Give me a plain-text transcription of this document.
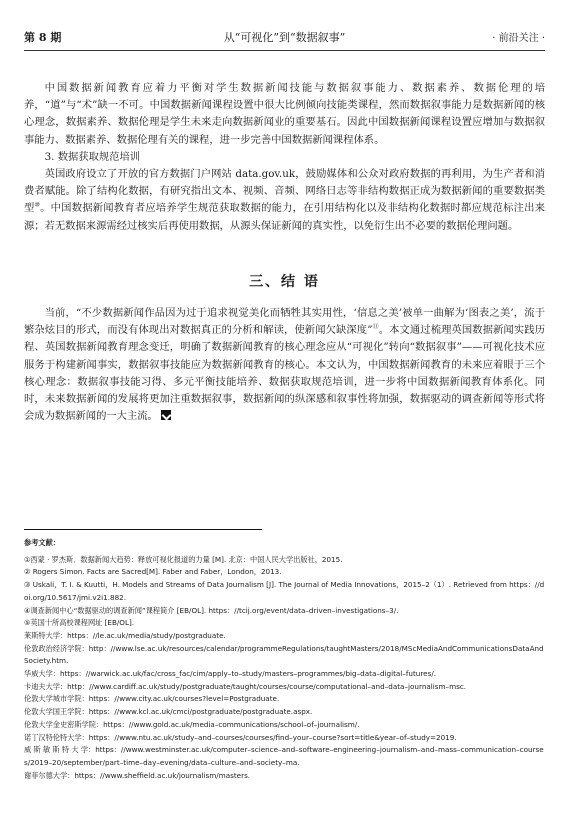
第 8 期	从“可视化”到“数据叙事”	· 前沿关注 ·

中国数据新闻教育应着力平衡对学生数据新闻技能与数据叙事能力、数据素养、数据伦理的培养，“道”与“术”缺一不可。中国数据新闻课程设置中很大比例倾向技能类课程，然而数据叙事能力是数据新闻的核心理念，数据素养、数据伦理是学生未来走向数据新闻业的重要基石。因此中国数据新闻课程设置应增加与数据叙事能力、数据素养、数据伦理有关的课程，进一步完善中国数据新闻课程体系。

3. 数据获取规范培训

英国政府设立了开放的官方数据门户网站 data.gov.uk，鼓励媒体和公众对政府数据的再利用，为生产者和消费者赋能。除了结构化数据，有研究指出文本、视频、音频、网络日志等非结构数据正成为数据新闻的重要数据类型⑩。中国数据新闻教育者应培养学生规范获取数据的能力，在引用结构化以及非结构化数据时都应规范标注出来源；若无数据来源需经过核实后再使用数据，从源头保证新闻的真实性，以免衍生出不必要的数据伦理问题。

三、结 语

当前，“不少数据新闻作品因为过于追求视觉美化而牺牲其实用性，‘信息之美’被单一曲解为‘图表之美’，流于繁杂炫目的形式，而没有体现出对数据真正的分析和解读，使新闻欠缺深度”⑪。本文通过梳理英国数据新闻实践历程、英国数据新闻教育理念变迁，明确了数据新闻教育的核心理念应从“可视化”转向“数据叙事”——可视化技术应服务于构建新闻事实，数据叙事技能应为数据新闻教育的核心。本文认为，中国数据新闻教育的未来应着眼于三个核心理念：数据叙事技能习得、多元平衡技能培养、数据获取规范培训，进一步将中国数据新闻教育体系化。同时，未来数据新闻的发展将更加注重数据叙事，数据新闻的纵深感和叙事性将加强，数据驱动的调查新闻等形式将会成为数据新闻的一大主流。

参考文献：
①西蒙 · 罗杰斯．数据新闻大趋势：释放可视化报道的力量 [M]. 北京：中国人民大学出版社，2015.
② Rogers Simon. Facts are Sacred[M]. Faber and Faber，London，2013.
③ Uskali，T. I. & Kuutti，H. Models and Streams of Data Journalism [J]. The Journal of Media Innovations，2015–2（1）. Retrieved from https：//doi.org/10.5617/jmi.v2i1.882.
④调查新闻中心“数据驱动的调查新闻”课程简介 [EB/OL]. https：//tcij.org/event/data–driven–investigations–3/.
⑤英国十所高校课程网址 [EB/OL].
莱斯特大学：https：//le.ac.uk/media/study/postgraduate.
伦敦政治经济学院：http：//www.lse.ac.uk/resources/calendar/programmeRegulations/taughtMasters/2018/MScMediaAndCommunicationsDataAndSociety.htm.
华威大学：https：//warwick.ac.uk/fac/cross_fac/cim/apply–to–study/masters–programmes/big–data–digital–futures/.
卡迪夫大学：http：//www.cardiff.ac.uk/study/postgraduate/taught/courses/course/computational–and–data–journalism–msc.
伦敦大学城市学院：https：//www.city.ac.uk/courses?level=Postgraduate.
伦敦大学国王学院：https：//www.kcl.ac.uk/cmci/postgraduate/postgraduate.aspx.
伦敦大学金史密斯学院：https：//www.gold.ac.uk/media–communications/school–of–journalism/.
诺丁汉特伦特大学：https：//www.ntu.ac.uk/study–and–courses/courses/find–your–course?sort=title&year–of–study=2019.
威 斯 敏 斯 特 大 学：https：//www.westminster.ac.uk/computer–science–and–software–engineering–journalism–and–mass–communication–courses/2019–20/september/part–time–day–evening/data–culture–and–society–ma.
谢菲尔德大学：https：//www.sheffield.ac.uk/journalism/masters.
